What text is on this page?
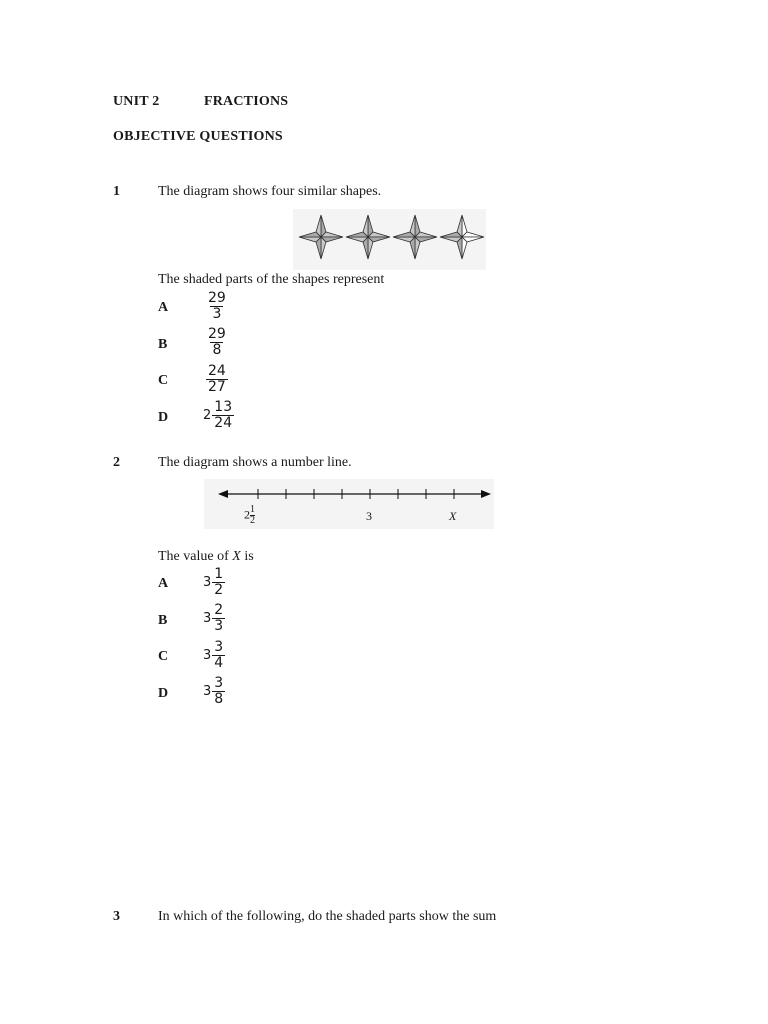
UNIT 2	FRACTIONS
OBJECTIVE QUESTIONS
1	The diagram shows four similar shapes.
The shaded parts of the shapes represent
A	$\frac{29}{3}$
B	$\frac{29}{8}$
C	$\frac{24}{27}$
D	$2 \frac{13}{24}$
2	The diagram shows a number line.
$2 \frac{1}{2}$	3	X
The value of X is
A	$3 \frac{1}{2}$
B	$3 \frac{2}{3}$
C	$3 \frac{3}{4}$
D	$3 \frac{3}{8}$
3	In which of the following, do the shaded parts show the sum
